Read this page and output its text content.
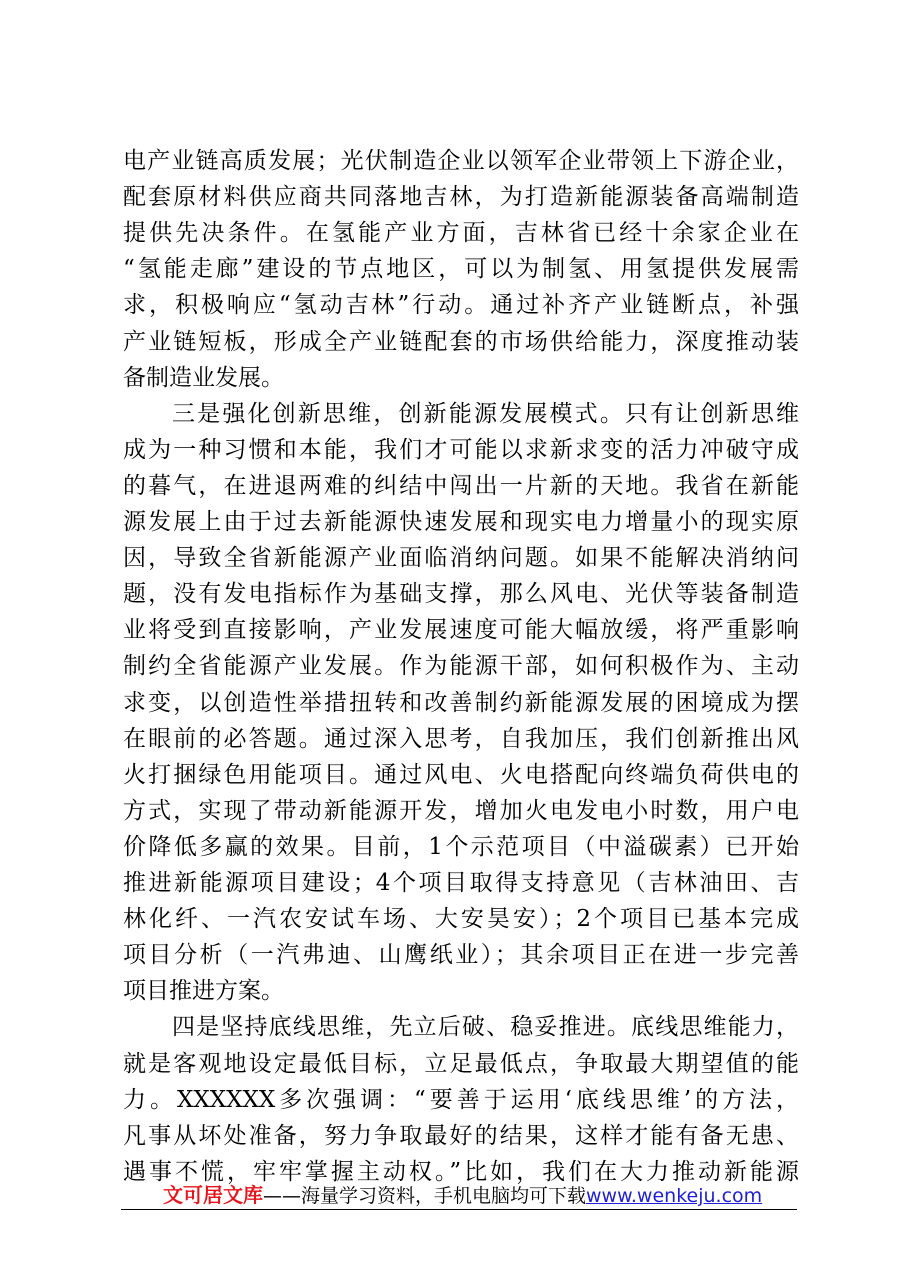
电产业链高质发展；光伏制造企业以领军企业带领上下游企业，
配套原材料供应商共同落地吉林，为打造新能源装备高端制造
提供先决条件。在氢能产业方面，吉林省已经十余家企业在
“氢能走廊”建设的节点地区，可以为制氢、用氢提供发展需
求，积极响应“氢动吉林”行动。通过补齐产业链断点，补强
产业链短板，形成全产业链配套的市场供给能力，深度推动装
备制造业发展。
三是强化创新思维，创新能源发展模式。只有让创新思维
成为一种习惯和本能，我们才可能以求新求变的活力冲破守成
的暮气，在进退两难的纠结中闯出一片新的天地。我省在新能
源发展上由于过去新能源快速发展和现实电力增量小的现实原
因，导致全省新能源产业面临消纳问题。如果不能解决消纳问
题，没有发电指标作为基础支撑，那么风电、光伏等装备制造
业将受到直接影响，产业发展速度可能大幅放缓，将严重影响
制约全省能源产业发展。作为能源干部，如何积极作为、主动
求变，以创造性举措扭转和改善制约新能源发展的困境成为摆
在眼前的必答题。通过深入思考，自我加压，我们创新推出风
火打捆绿色用能项目。通过风电、火电搭配向终端负荷供电的
方式，实现了带动新能源开发，增加火电发电小时数，用户电
价降低多赢的效果。目前，1个示范项目（中溢碳素）已开始
推进新能源项目建设；4个项目取得支持意见（吉林油田、吉
林化纤、一汽农安试车场、大安昊安）；2个项目已基本完成
项目分析（一汽弗迪、山鹰纸业）；其余项目正在进一步完善
项目推进方案。
四是坚持底线思维，先立后破、稳妥推进。底线思维能力，
就是客观地设定最低目标，立足最低点，争取最大期望值的能
力。XXXXXX多次强调：“要善于运用‘底线思维’的方法，
凡事从坏处准备，努力争取最好的结果，这样才能有备无患、
遇事不慌，牢牢掌握主动权。”比如，我们在大力推动新能源
文可居文库——海量学习资料，手机电脑均可下载www.wenkeju.com
